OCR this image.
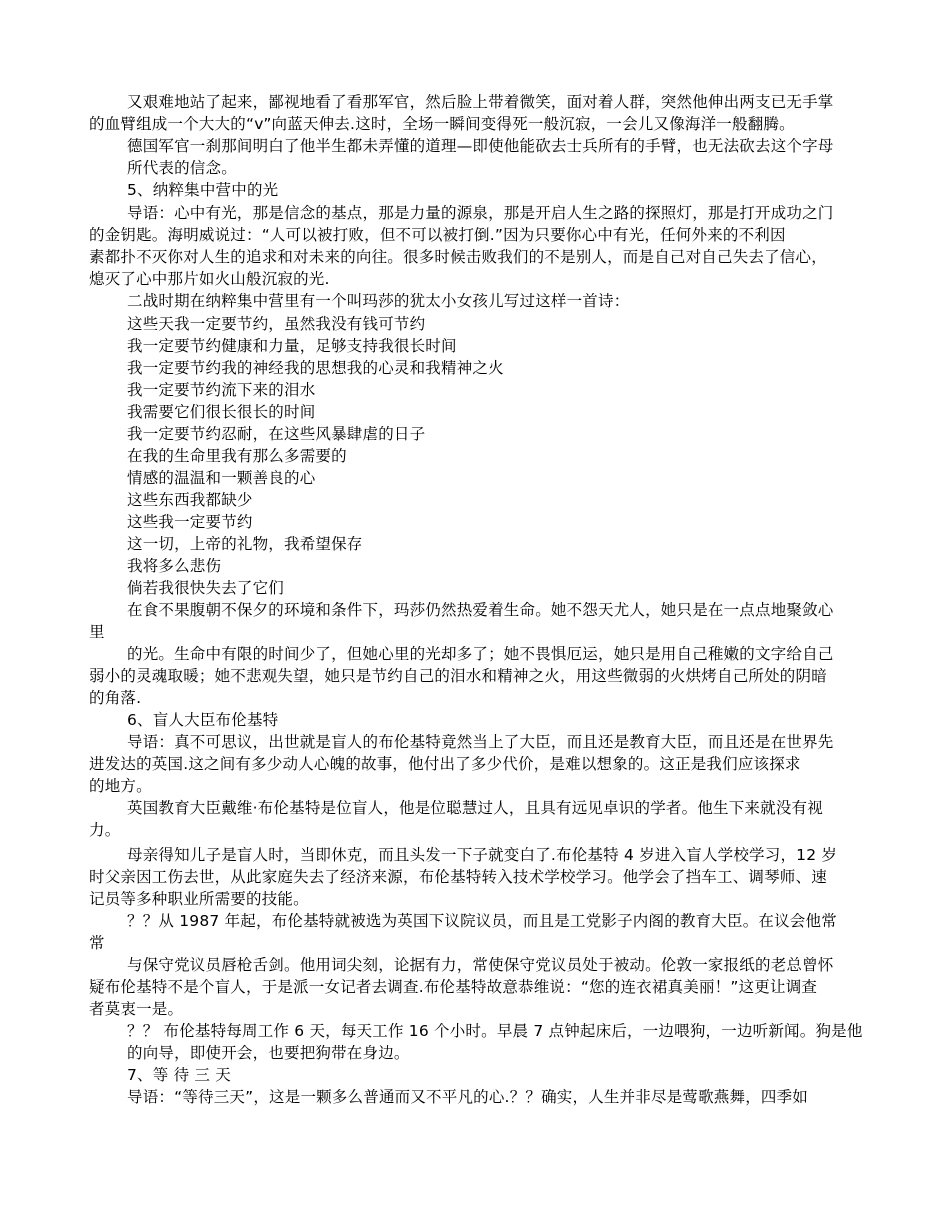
又艰难地站了起来，鄙视地看了看那军官，然后脸上带着微笑，面对着人群，突然他伸出两支已无手掌
的血臂组成一个大大的“v”向蓝天伸去.这时，全场一瞬间变得死一般沉寂，一会儿又像海洋一般翻腾。
德国军官一刹那间明白了他半生都未弄懂的道理—即使他能砍去士兵所有的手臂，也无法砍去这个字母
所代表的信念。
5、纳粹集中营中的光
导语：心中有光，那是信念的基点，那是力量的源泉，那是开启人生之路的探照灯，那是打开成功之门
的金钥匙。海明威说过：“人可以被打败，但不可以被打倒.”因为只要你心中有光，任何外来的不利因
素都扑不灭你对人生的追求和对未来的向往。很多时候击败我们的不是别人，而是自己对自己失去了信心，
熄灭了心中那片如火山般沉寂的光.
二战时期在纳粹集中营里有一个叫玛莎的犹太小女孩儿写过这样一首诗：
这些天我一定要节约，虽然我没有钱可节约
我一定要节约健康和力量，足够支持我很长时间
我一定要节约我的神经我的思想我的心灵和我精神之火
我一定要节约流下来的泪水
我需要它们很长很长的时间
我一定要节约忍耐，在这些风暴肆虐的日子
在我的生命里我有那么多需要的
情感的温温和一颗善良的心
这些东西我都缺少
这些我一定要节约
这一切，上帝的礼物，我希望保存
我将多么悲伤
倘若我很快失去了它们
在食不果腹朝不保夕的环境和条件下，玛莎仍然热爱着生命。她不怨天尤人，她只是在一点点地聚敛心
里
的光。生命中有限的时间少了，但她心里的光却多了；她不畏惧厄运，她只是用自己稚嫩的文字给自己
弱小的灵魂取暖；她不悲观失望，她只是节约自己的泪水和精神之火，用这些微弱的火烘烤自己所处的阴暗
的角落.
6、盲人大臣布伦基特
导语：真不可思议，出世就是盲人的布伦基特竟然当上了大臣，而且还是教育大臣，而且还是在世界先
进发达的英国.这之间有多少动人心魄的故事，他付出了多少代价，是难以想象的。这正是我们应该探求
的地方。
英国教育大臣戴维·布伦基特是位盲人，他是位聪慧过人，且具有远见卓识的学者。他生下来就没有视
力。
母亲得知儿子是盲人时，当即休克，而且头发一下子就变白了.布伦基特 4 岁进入盲人学校学习，12 岁
时父亲因工伤去世，从此家庭失去了经济来源，布伦基特转入技术学校学习。他学会了挡车工、调琴师、速
记员等多种职业所需要的技能。
？？从 1987 年起，布伦基特就被选为英国下议院议员，而且是工党影子内阁的教育大臣。在议会他常
常
与保守党议员唇枪舌剑。他用词尖刻，论据有力，常使保守党议员处于被动。伦敦一家报纸的老总曾怀
疑布伦基特不是个盲人，于是派一女记者去调查.布伦基特故意恭维说：“您的连衣裙真美丽！”这更让调查
者莫衷一是。
？？ 布伦基特每周工作 6 天，每天工作 16 个小时。早晨 7 点钟起床后，一边喂狗，一边听新闻。狗是他
的向导，即使开会，也要把狗带在身边。
7、等 待 三 天
导语：“等待三天”，这是一颗多么普通而又不平凡的心.？？确实，人生并非尽是莺歌燕舞，四季如
